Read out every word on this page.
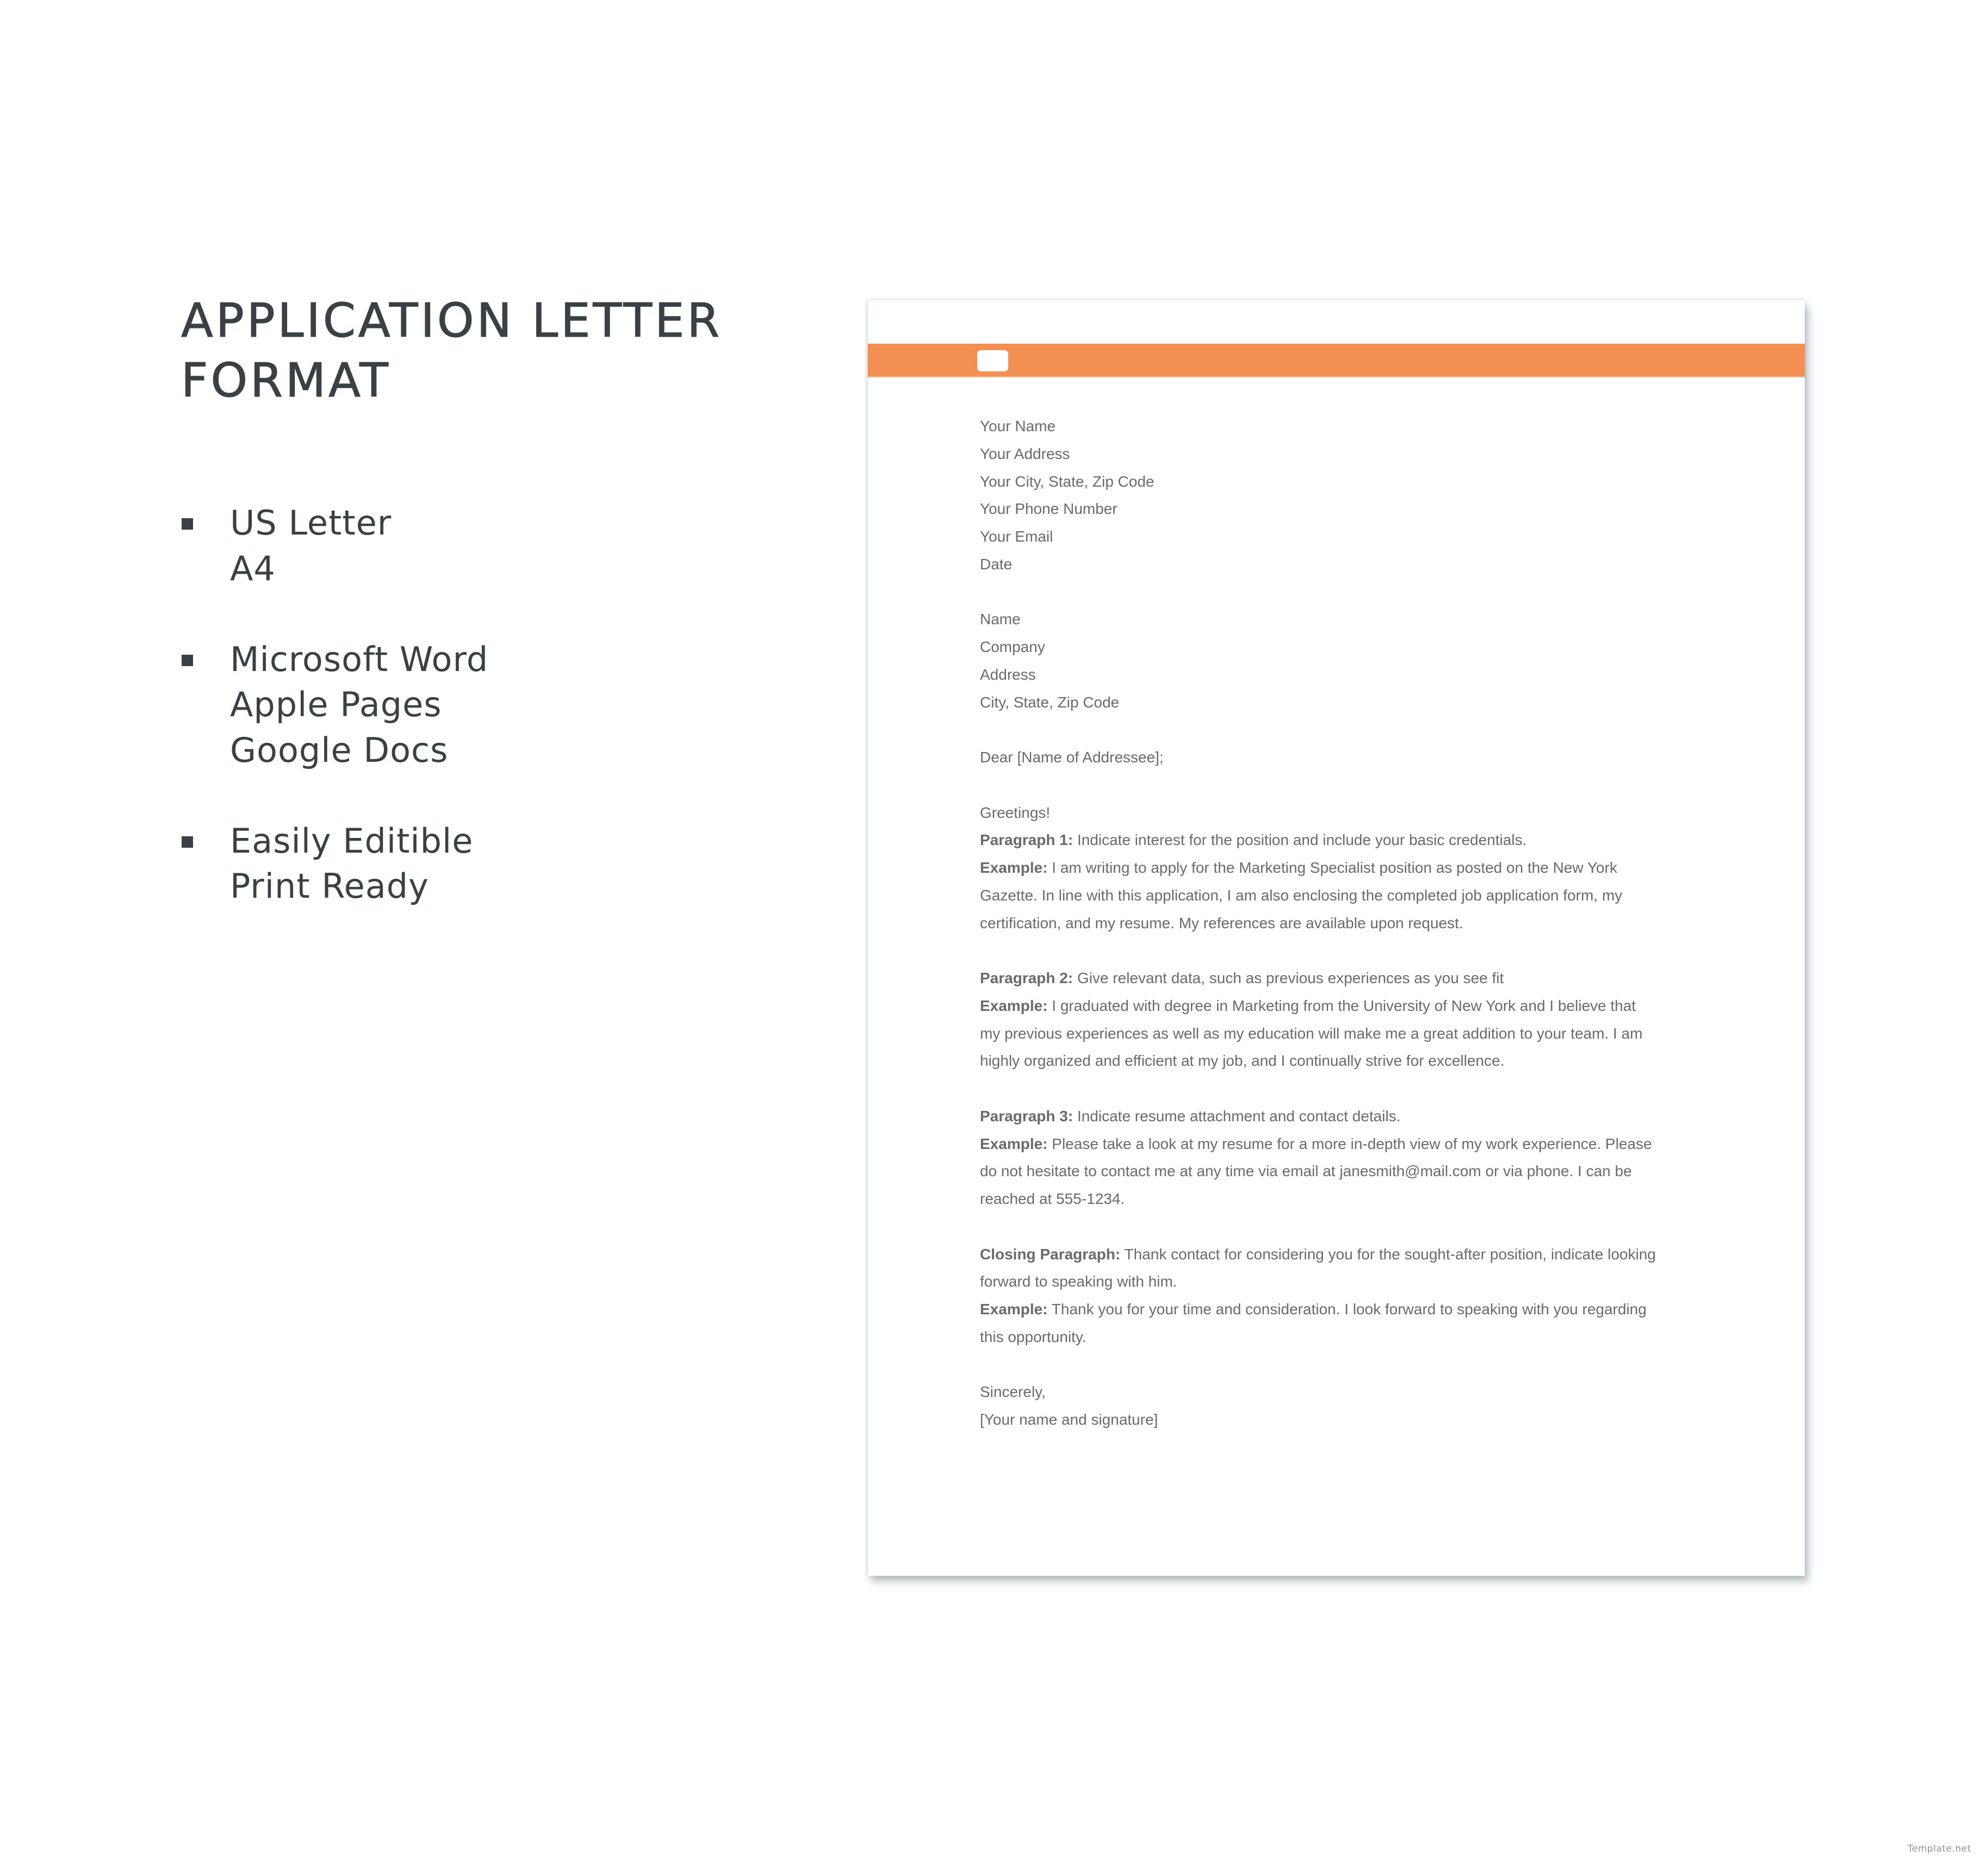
APPLICATION LETTER
FORMAT
US Letter
A4
Microsoft Word
Apple Pages
Google Docs
Easily Editible
Print Ready
Your Name
Your Address
Your City, State, Zip Code
Your Phone Number
Your Email
Date
Name
Company
Address
City, State, Zip Code
Dear [Name of Addressee];
Greetings!
Paragraph 1: Indicate interest for the position and include your basic credentials.
Example: I am writing to apply for the Marketing Specialist position as posted on the New York
Gazette. In line with this application, I am also enclosing the completed job application form, my
certification, and my resume. My references are available upon request.
Paragraph 2: Give relevant data, such as previous experiences as you see fit
Example: I graduated with degree in Marketing from the University of New York and I believe that
my previous experiences as well as my education will make me a great addition to your team. I am
highly organized and efficient at my job, and I continually strive for excellence.
Paragraph 3: Indicate resume attachment and contact details.
Example: Please take a look at my resume for a more in-depth view of my work experience. Please
do not hesitate to contact me at any time via email at janesmith@mail.com or via phone. I can be
reached at 555-1234.
Closing Paragraph: Thank contact for considering you for the sought-after position, indicate looking
forward to speaking with him.
Example: Thank you for your time and consideration. I look forward to speaking with you regarding
this opportunity.
Sincerely,
[Your name and signature]
Template.net
